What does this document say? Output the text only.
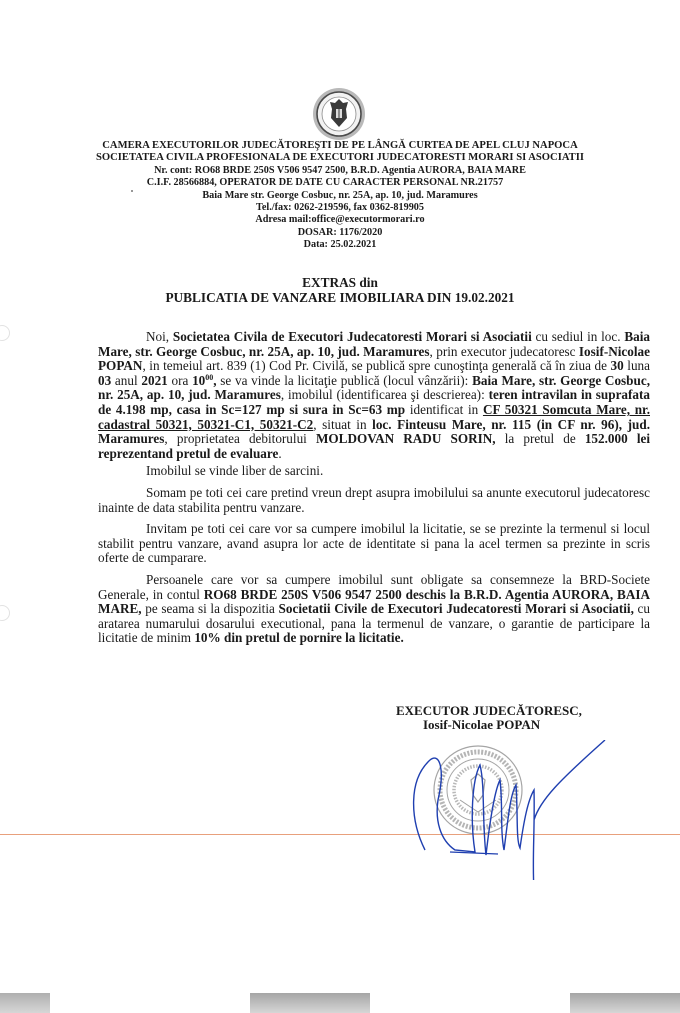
CAMERA EXECUTORILOR JUDECĂTOREŞTI DE PE LÂNGĂ CURTEA DE APEL CLUJ NAPOCA
SOCIETATEA CIVILA PROFESIONALA DE EXECUTORI JUDECATORESTI MORARI SI ASOCIATII
Nr. cont: RO68 BRDE 250S V506 9547 2500, B.R.D. Agentia AURORA, BAIA MARE
C.I.F. 28566884, OPERATOR DE DATE CU CARACTER PERSONAL NR.21757
Baia Mare str. George Cosbuc, nr. 25A, ap. 10, jud. Maramures
Tel./fax: 0262-219596, fax 0362-819905
Adresa mail:office@executormorari.ro
DOSAR: 1176/2020
Data: 25.02.2021
EXTRAS din
PUBLICATIA DE VANZARE IMOBILIARA DIN 19.02.2021

Noi, Societatea Civila de Executori Judecatoresti Morari si Asociatii cu sediul in loc. Baia Mare, str. George Cosbuc, nr. 25A, ap. 10, jud. Maramures, prin executor judecatoresc Iosif-Nicolae POPAN, in temeiul art. 839 (1) Cod Pr. Civilă, se publică spre cunoştinţa generală că în ziua de 30 luna 03 anul 2021 ora $10^{00}$, se va vinde la licitaţie publică (locul vânzării): Baia Mare, str. George Cosbuc, nr. 25A, ap. 10, jud. Maramures, imobilul (identificarea şi descrierea): teren intravilan in suprafata de 4.198 mp, casa in Sc=127 mp si sura in Sc=63 mp identificat in CF 50321 Somcuta Mare, nr. cadastral 50321, 50321-C1, 50321-C2, situat in loc. Finteusu Mare, nr. 115 (in CF nr. 96), jud. Maramures, proprietatea debitorului MOLDOVAN RADU SORIN, la pretul de 152.000 lei reprezentand pretul de evaluare.

Imobilul se vinde liber de sarcini.

Somam pe toti cei care pretind vreun drept asupra imobilului sa anunte executorul judecatoresc inainte de data stabilita pentru vanzare.

Invitam pe toti cei care vor sa cumpere imobilul la licitatie, se se prezinte la termenul si locul stabilit pentru vanzare, avand asupra lor acte de identitate si pana la acel termen sa prezinte in scris oferte de cumparare.

Persoanele care vor sa cumpere imobilul sunt obligate sa consemneze la BRD-Societe Generale, in contul RO68 BRDE 250S V506 9547 2500 deschis la B.R.D. Agentia AURORA, BAIA MARE, pe seama si la dispozitia Societatii Civile de Executori Judecatoresti Morari si Asociatii, cu aratarea numarului dosarului executional, pana la termenul de vanzare, o garantie de participare la licitatie de minim 10% din pretul de pornire la licitatie.

EXECUTOR JUDECĂTORESC,
Iosif-Nicolae POPAN
